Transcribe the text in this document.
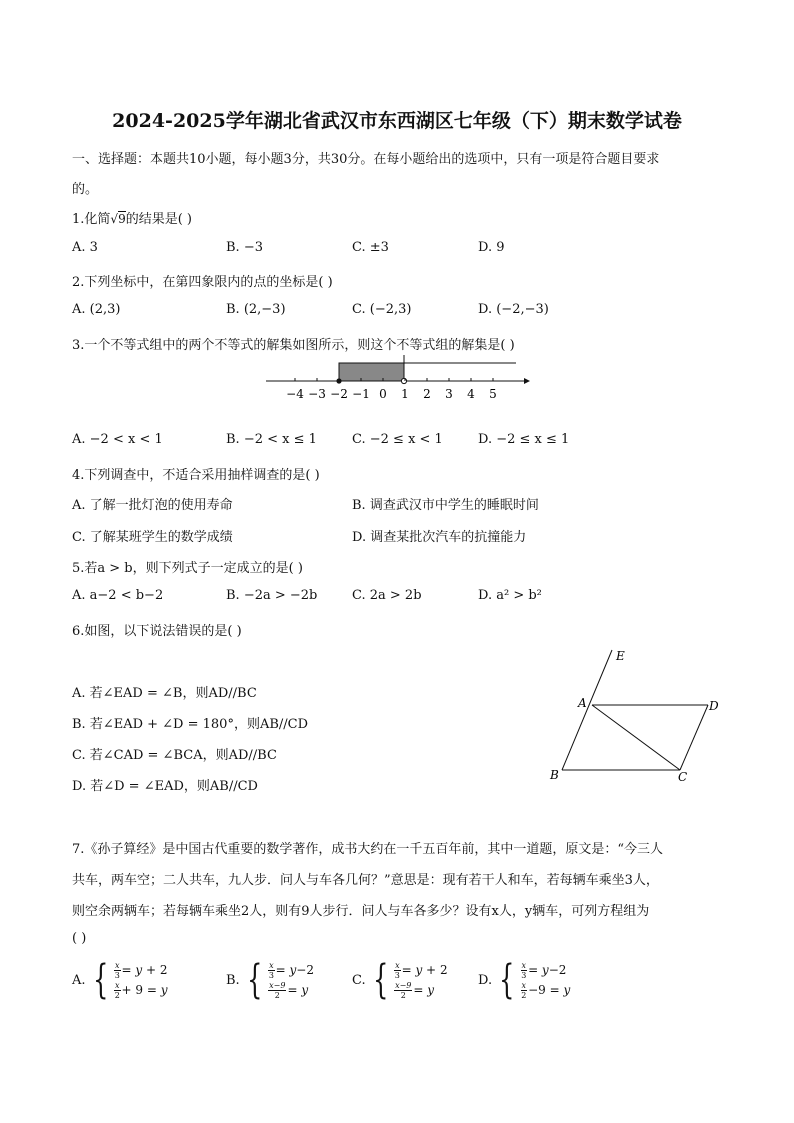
2024-2025学年湖北省武汉市东西湖区七年级（下）期末数学试卷
一、选择题：本题共10小题，每小题3分，共30分。在每小题给出的选项中，只有一项是符合题目要求
的。
1.化简√9的结果是( )
A. 3	B. −3	C. ±3	D. 9
2.下列坐标中，在第四象限内的点的坐标是( )
A. (2,3)	B. (2,−3)	C. (−2,3)	D. (−2,−3)
3.一个不等式组中的两个不等式的解集如图所示，则这个不等式组的解集是( )
−4 −3 −2 −1 0 1 2 3 4 5
A. −2 < x < 1	B. −2 < x ≤ 1	C. −2 ≤ x < 1	D. −2 ≤ x ≤ 1
4.下列调查中，不适合采用抽样调查的是( )
A. 了解一批灯泡的使用寿命	B. 调查武汉市中学生的睡眠时间
C. 了解某班学生的数学成绩	D. 调查某批次汽车的抗撞能力
5.若a > b，则下列式子一定成立的是( )
A. a−2 < b−2	B. −2a > −2b	C. 2a > 2b	D. a² > b²
6.如图，以下说法错误的是( )
A. 若∠EAD = ∠B，则AD//BC
B. 若∠EAD + ∠D = 180°，则AB//CD
C. 若∠CAD = ∠BCA，则AD//BC
D. 若∠D = ∠EAD，则AB//CD
E
A	D
B	C
7.《孙子算经》是中国古代重要的数学著作，成书大约在一千五百年前，其中一道题，原文是：“今三人
共车，两车空；二人共车，九人步．问人与车各几何？”意思是：现有若干人和车，若每辆车乘坐3人，
则空余两辆车；若每辆车乘坐2人，则有9人步行．问人与车各多少？设有x人，y辆车，可列方程组为
( )
A. { $\frac{x}{3} = y + 2$
$\frac{x}{2} + 9 = y$
B. { $\frac{x}{3} = y-2$
$\frac{x-9}{2} = y$
C. { $\frac{x}{3} = y + 2$
$\frac{x-9}{2} = y$
D. { $\frac{x}{3} = y-2$
$\frac{x}{2} -9 = y$
